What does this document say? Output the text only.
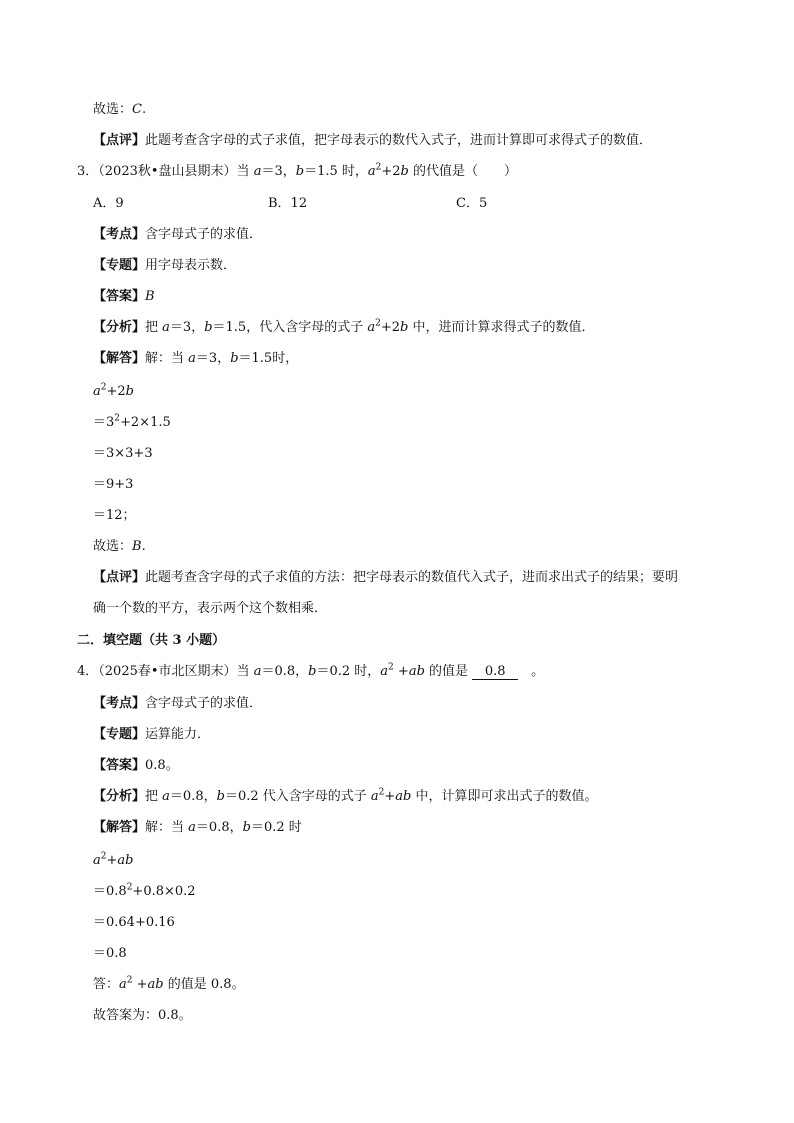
故选：C.
【点评】此题考查含字母的式子求值，把字母表示的数代入式子，进而计算即可求得式子的数值．
3．（2023秋•盘山县期末）当 a＝3，b＝1.5 时，$a^2+2b$ 的代值是（　　）
A．9	B．12	C．5
【考点】含字母式子的求值．
【专题】用字母表示数．
【答案】B
【分析】把 a＝3，b＝1.5，代入含字母的式子 $a^2+2b$ 中，进而计算求得式子的数值．
【解答】解：当 a＝3，b＝1.5时，
$a^2+2b$
$=3^2+2\times 1.5$
＝3×3+3
＝9+3
＝12；
故选：B.
【点评】此题考查含字母的式子求值的方法：把字母表示的数值代入式子，进而求出式子的结果；要明
确一个数的平方，表示两个这个数相乘．
二．填空题（共 3 小题）
4．（2025春•市北区期末）当 a＝0.8，b＝0.2 时，$a^2 +ab$ 的值是 0.8　。
【考点】含字母式子的求值．
【专题】运算能力．
【答案】0.8。
【分析】把 a＝0.8，b＝0.2 代入含字母的式子 $a^2+ab$ 中，计算即可求出式子的数值。
【解答】解：当 a＝0.8，b＝0.2 时
$a^2+ab$
$=0.8^2+0.8\times 0.2$
＝0.64+0.16
＝0.8
答：$a^2 +ab$ 的值是 0.8。
故答案为：0.8。
